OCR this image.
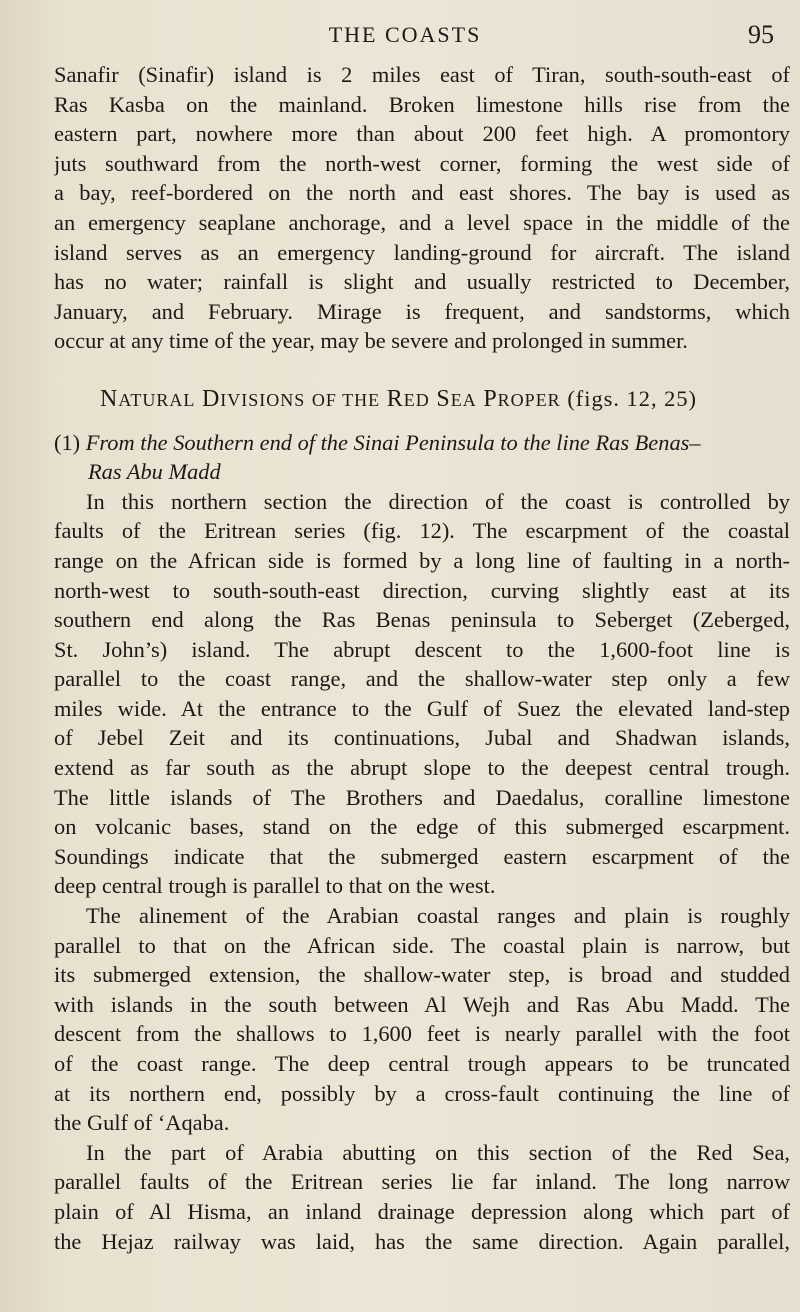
THE COASTS	95
Sanafir (Sinafir) island is 2 miles east of Tiran, south-south-east of
Ras Kasba on the mainland. Broken limestone hills rise from the
eastern part, nowhere more than about 200 feet high. A promontory
juts southward from the north-west corner, forming the west side of
a bay, reef-bordered on the north and east shores. The bay is used as
an emergency seaplane anchorage, and a level space in the middle of the
island serves as an emergency landing-ground for aircraft. The island
has no water; rainfall is slight and usually restricted to December,
January, and February. Mirage is frequent, and sandstorms, which
occur at any time of the year, may be severe and prolonged in summer.
NATURAL DIVISIONS OF THE RED SEA PROPER (figs. 12, 25)
(1) From the Southern end of the Sinai Peninsula to the line Ras Benas–
Ras Abu Madd
In this northern section the direction of the coast is controlled by
faults of the Eritrean series (fig. 12). The escarpment of the coastal
range on the African side is formed by a long line of faulting in a north-
north-west to south-south-east direction, curving slightly east at its
southern end along the Ras Benas peninsula to Seberget (Zeberged,
St. John’s) island. The abrupt descent to the 1,600-foot line is
parallel to the coast range, and the shallow-water step only a few
miles wide. At the entrance to the Gulf of Suez the elevated land-step
of Jebel Zeit and its continuations, Jubal and Shadwan islands,
extend as far south as the abrupt slope to the deepest central trough.
The little islands of The Brothers and Daedalus, coralline limestone
on volcanic bases, stand on the edge of this submerged escarpment.
Soundings indicate that the submerged eastern escarpment of the
deep central trough is parallel to that on the west.
The alinement of the Arabian coastal ranges and plain is roughly
parallel to that on the African side. The coastal plain is narrow, but
its submerged extension, the shallow-water step, is broad and studded
with islands in the south between Al Wejh and Ras Abu Madd. The
descent from the shallows to 1,600 feet is nearly parallel with the foot
of the coast range. The deep central trough appears to be truncated
at its northern end, possibly by a cross-fault continuing the line of
the Gulf of ‘Aqaba.
In the part of Arabia abutting on this section of the Red Sea,
parallel faults of the Eritrean series lie far inland. The long narrow
plain of Al Hisma, an inland drainage depression along which part of
the Hejaz railway was laid, has the same direction. Again parallel,
